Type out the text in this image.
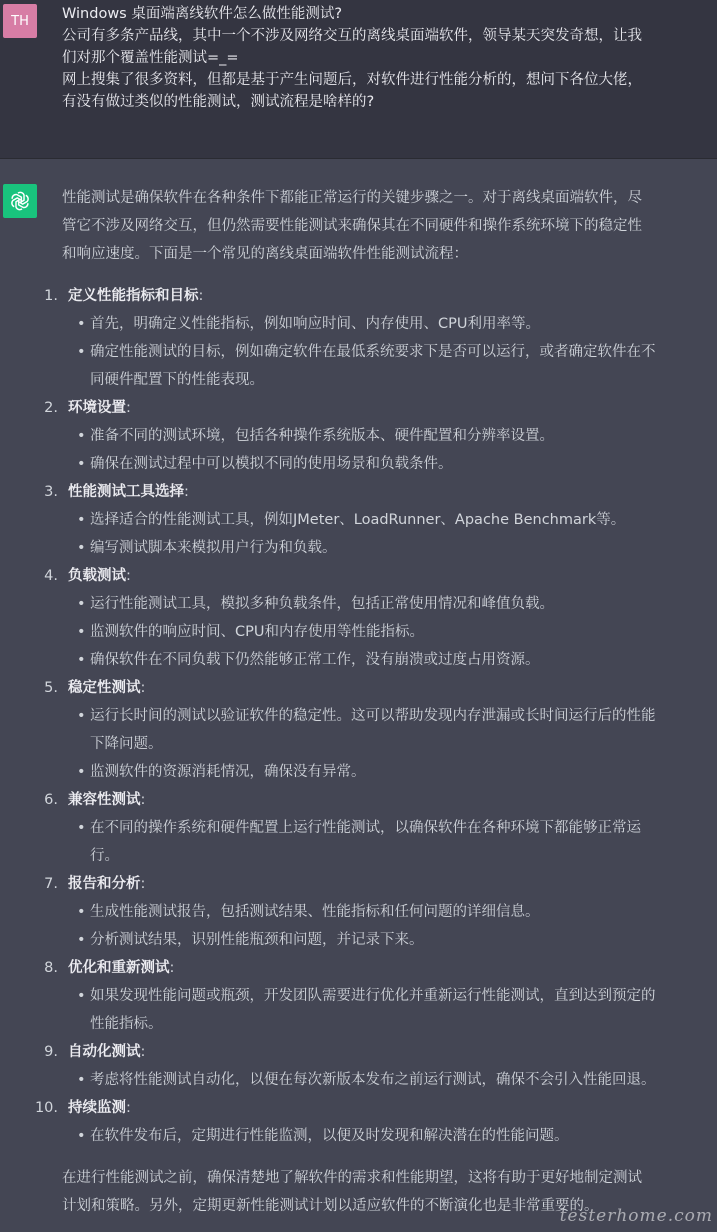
TH	Windows 桌面端离线软件怎么做性能测试?
公司有多条产品线，其中一个不涉及网络交互的离线桌面端软件，领导某天突发奇想，让我
们对那个覆盖性能测试=_=
网上搜集了很多资料，但都是基于产生问题后，对软件进行性能分析的，想问下各位大佬，
有没有做过类似的性能测试，测试流程是啥样的?
性能测试是确保软件在各种条件下都能正常运行的关键步骤之一。对于离线桌面端软件，尽
管它不涉及网络交互，但仍然需要性能测试来确保其在不同硬件和操作系统环境下的稳定性
和响应速度。下面是一个常见的离线桌面端软件性能测试流程：
1. 定义性能指标和目标:
• 首先，明确定义性能指标，例如响应时间、内存使用、CPU利用率等。
• 确定性能测试的目标，例如确定软件在最低系统要求下是否可以运行，或者确定软件在不
同硬件配置下的性能表现。
2. 环境设置:
• 准备不同的测试环境，包括各种操作系统版本、硬件配置和分辨率设置。
• 确保在测试过程中可以模拟不同的使用场景和负载条件。
3. 性能测试工具选择:
• 选择适合的性能测试工具，例如JMeter、LoadRunner、Apache Benchmark等。
• 编写测试脚本来模拟用户行为和负载。
4. 负载测试:
• 运行性能测试工具，模拟多种负载条件，包括正常使用情况和峰值负载。
• 监测软件的响应时间、CPU和内存使用等性能指标。
• 确保软件在不同负载下仍然能够正常工作，没有崩溃或过度占用资源。
5. 稳定性测试:
• 运行长时间的测试以验证软件的稳定性。这可以帮助发现内存泄漏或长时间运行后的性能
下降问题。
• 监测软件的资源消耗情况，确保没有异常。
6. 兼容性测试:
• 在不同的操作系统和硬件配置上运行性能测试，以确保软件在各种环境下都能够正常运
行。
7. 报告和分析:
• 生成性能测试报告，包括测试结果、性能指标和任何问题的详细信息。
• 分析测试结果，识别性能瓶颈和问题，并记录下来。
8. 优化和重新测试:
• 如果发现性能问题或瓶颈，开发团队需要进行优化并重新运行性能测试，直到达到预定的
性能指标。
9. 自动化测试:
• 考虑将性能测试自动化，以便在每次新版本发布之前运行测试，确保不会引入性能回退。
10. 持续监测:
• 在软件发布后，定期进行性能监测，以便及时发现和解决潜在的性能问题。
在进行性能测试之前，确保清楚地了解软件的需求和性能期望，这将有助于更好地制定测试
计划和策略。另外，定期更新性能测试计划以适应软件的不断演化也是非常重要的。
testerhome.com
